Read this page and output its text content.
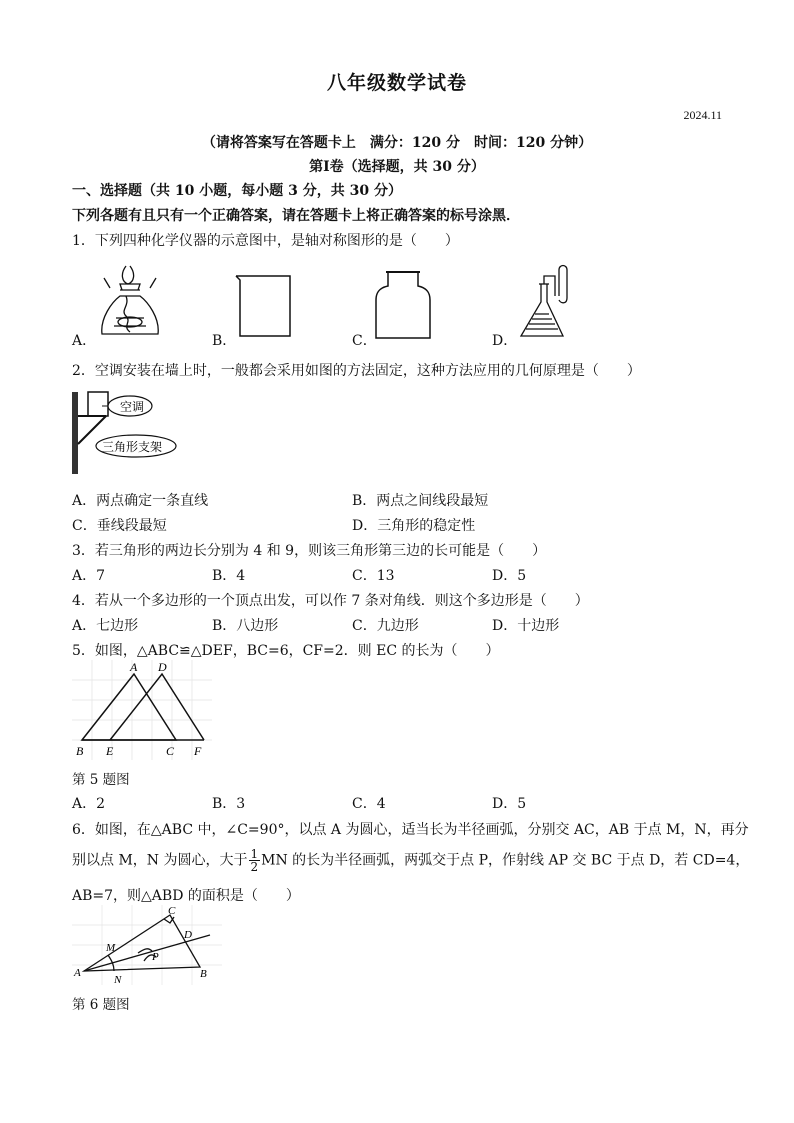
八年级数学试卷
2024.11
（请将答案写在答题卡上　满分：120 分　时间：120 分钟）
第Ⅰ卷（选择题，共 30 分）
一、选择题（共 10 小题，每小题 3 分，共 30 分）
下列各题有且只有一个正确答案，请在答题卡上将正确答案的标号涂黑．
1．下列四种化学仪器的示意图中，是轴对称图形的是（　　）
A．	B．	C．	D．
2．空调安装在墙上时，一般都会采用如图的方法固定，这种方法应用的几何原理是（　　）
空调
三角形支架
A．两点确定一条直线	B．两点之间线段最短
C．垂线段最短	D．三角形的稳定性
3．若三角形的两边长分别为 4 和 9，则该三角形第三边的长可能是（　　）
A．7	B．4	C．13	D．5
4．若从一个多边形的一个顶点出发，可以作 7 条对角线．则这个多边形是（　　）
A．七边形	B．八边形	C．九边形	D．十边形
5．如图，△ABC≌△DEF，BC=6，CF=2．则 EC 的长为（　　）
A D
B E	C F
第 5 题图
A．2	B．3	C．4	D．5
6．如图，在△ABC 中，∠C=90°，以点 A 为圆心，适当长为半径画弧，分别交 AC，AB 于点 M，N，再分
别以点 M，N 为圆心，大于 $\frac{1}{2}$ MN 的长为半径画弧，两弧交于点 P，作射线 AP 交 BC 于点 D，若 CD=4，
AB=7，则△ABD 的面积是（　　）
C
D
M
P
A
N	B
第 6 题图
